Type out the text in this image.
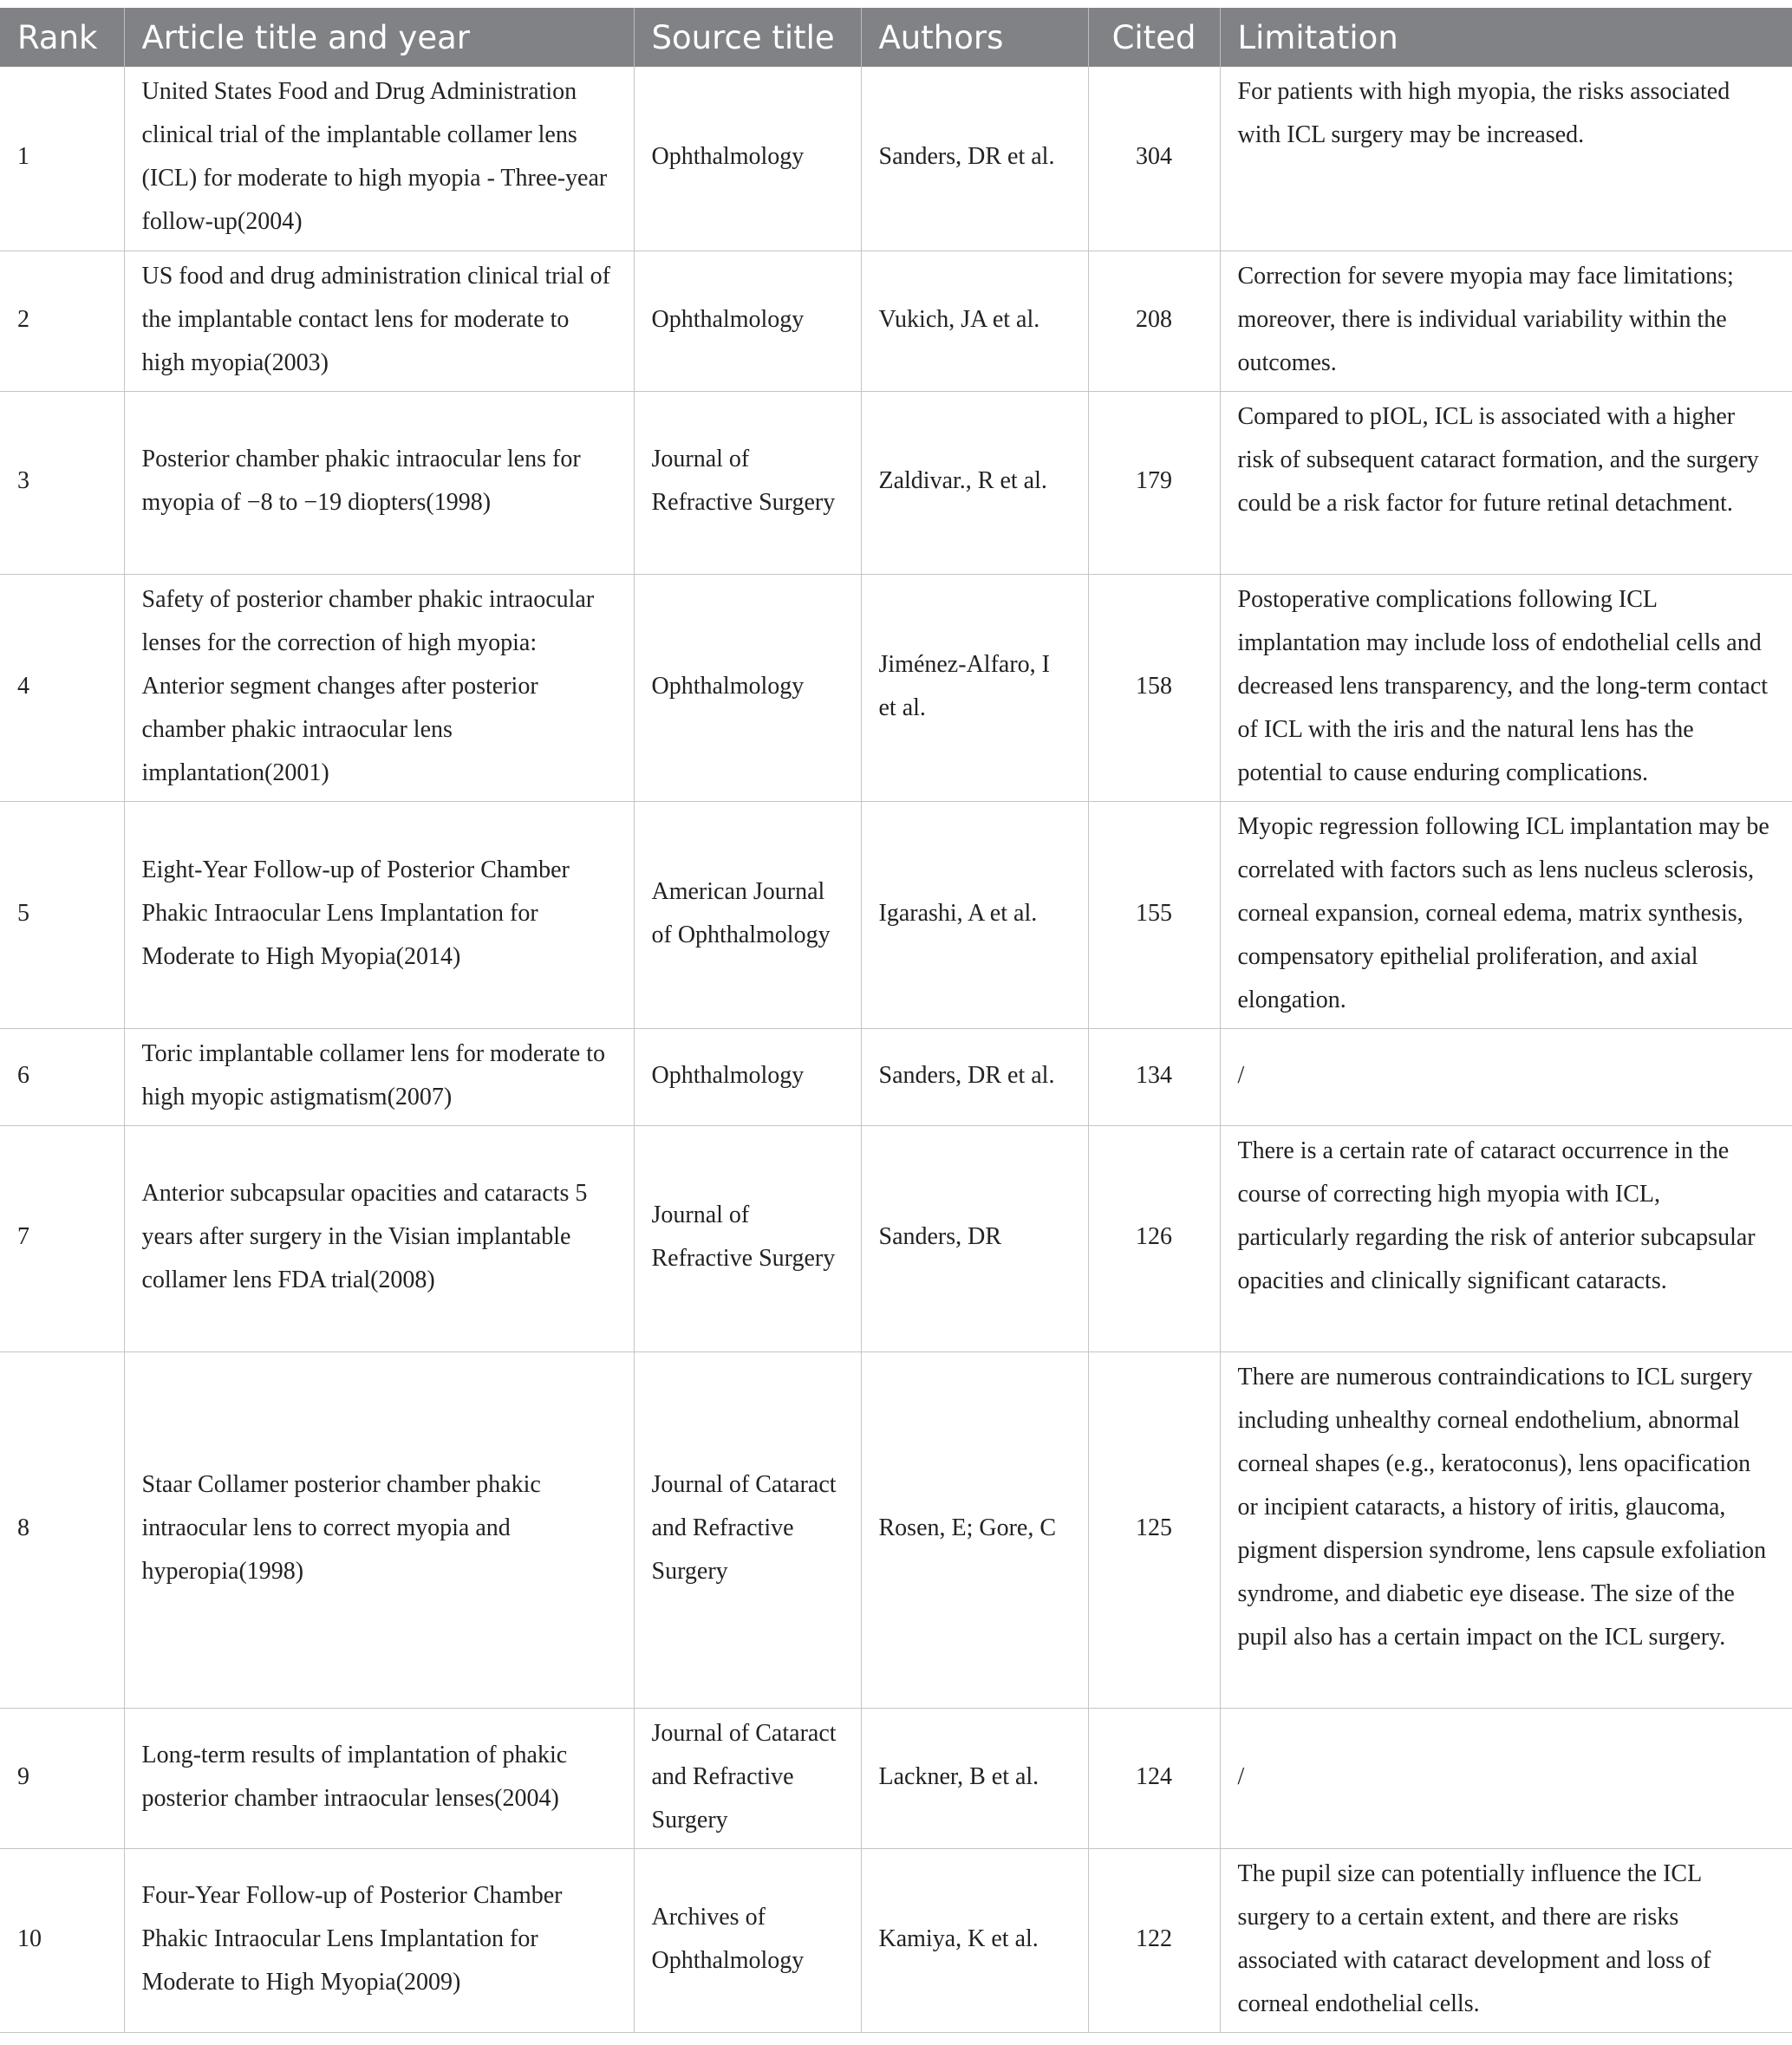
Rank	Article title and year	Source title	Authors	Cited	Limitation
1	United States Food and Drug Administration clinical trial of the implantable collamer lens (ICL) for moderate to high myopia - Three-year follow-up(2004)	Ophthalmology	Sanders, DR et al.	304	For patients with high myopia, the risks associated with ICL surgery may be increased.
2	US food and drug administration clinical trial of the implantable contact lens for moderate to high myopia(2003)	Ophthalmology	Vukich, JA et al.	208	Correction for severe myopia may face limitations; moreover, there is individual variability within the outcomes.
3	Posterior chamber phakic intraocular lens for myopia of −8 to −19 diopters(1998)	Journal of Refractive Surgery	Zaldivar., R et al.	179	Compared to pIOL, ICL is associated with a higher risk of subsequent cataract formation, and the surgery could be a risk factor for future retinal detachment.
4	Safety of posterior chamber phakic intraocular lenses for the correction of high myopia: Anterior segment changes after posterior chamber phakic intraocular lens implantation(2001)	Ophthalmology	Jiménez-Alfaro, I et al.	158	Postoperative complications following ICL implantation may include loss of endothelial cells and decreased lens transparency, and the long-term contact of ICL with the iris and the natural lens has the potential to cause enduring complications.
5	Eight-Year Follow-up of Posterior Chamber Phakic Intraocular Lens Implantation for Moderate to High Myopia(2014)	American Journal of Ophthalmology	Igarashi, A et al.	155	Myopic regression following ICL implantation may be correlated with factors such as lens nucleus sclerosis, corneal expansion, corneal edema, matrix synthesis, compensatory epithelial proliferation, and axial elongation.
6	Toric implantable collamer lens for moderate to high myopic astigmatism(2007)	Ophthalmology	Sanders, DR et al.	134	/
7	Anterior subcapsular opacities and cataracts 5 years after surgery in the Visian implantable collamer lens FDA trial(2008)	Journal of Refractive Surgery	Sanders, DR	126	There is a certain rate of cataract occurrence in the course of correcting high myopia with ICL, particularly regarding the risk of anterior subcapsular opacities and clinically significant cataracts.
8	Staar Collamer posterior chamber phakic intraocular lens to correct myopia and hyperopia(1998)	Journal of Cataract and Refractive Surgery	Rosen, E; Gore, C	125	There are numerous contraindications to ICL surgery including unhealthy corneal endothelium, abnormal corneal shapes (e.g., keratoconus), lens opacification or incipient cataracts, a history of iritis, glaucoma, pigment dispersion syndrome, lens capsule exfoliation syndrome, and diabetic eye disease. The size of the pupil also has a certain impact on the ICL surgery.
9	Long-term results of implantation of phakic posterior chamber intraocular lenses(2004)	Journal of Cataract and Refractive Surgery	Lackner, B et al.	124	/
10	Four-Year Follow-up of Posterior Chamber Phakic Intraocular Lens Implantation for Moderate to High Myopia(2009)	Archives of Ophthalmology	Kamiya, K et al.	122	The pupil size can potentially influence the ICL surgery to a certain extent, and there are risks associated with cataract development and loss of corneal endothelial cells.
